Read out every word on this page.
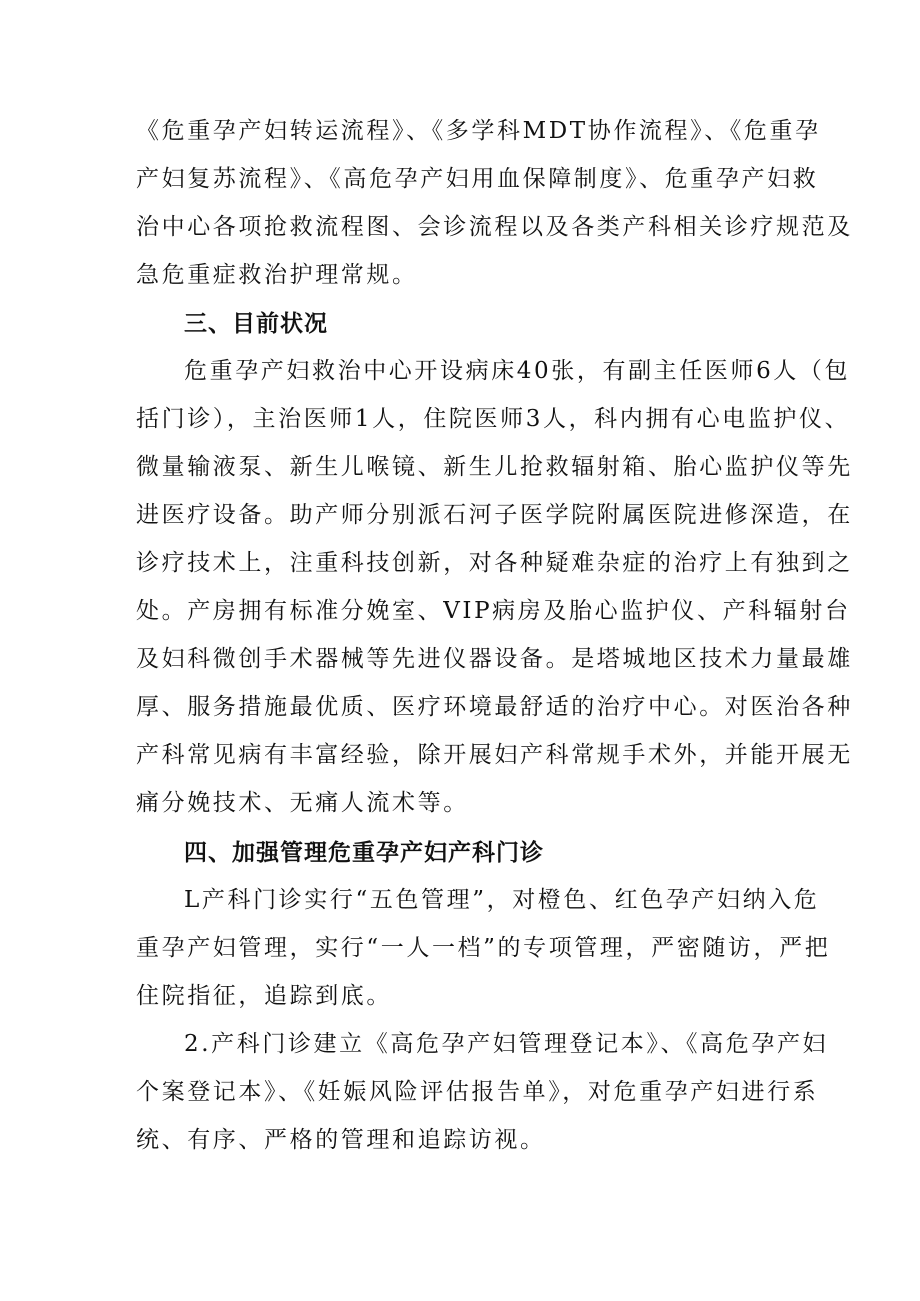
《危重孕产妇转运流程》、《多学科MDT协作流程》、《危重孕
产妇复苏流程》、《高危孕产妇用血保障制度》、危重孕产妇救
治中心各项抢救流程图、会诊流程以及各类产科相关诊疗规范及
急危重症救治护理常规。
三、目前状况
危重孕产妇救治中心开设病床40张，有副主任医师6人（包
括门诊），主治医师1人，住院医师3人，科内拥有心电监护仪、
微量输液泵、新生儿喉镜、新生儿抢救辐射箱、胎心监护仪等先
进医疗设备。助产师分别派石河子医学院附属医院进修深造，在
诊疗技术上，注重科技创新，对各种疑难杂症的治疗上有独到之
处。产房拥有标准分娩室、VIP病房及胎心监护仪、产科辐射台
及妇科微创手术器械等先进仪器设备。是塔城地区技术力量最雄
厚、服务措施最优质、医疗环境最舒适的治疗中心。对医治各种
产科常见病有丰富经验，除开展妇产科常规手术外，并能开展无
痛分娩技术、无痛人流术等。
四、加强管理危重孕产妇产科门诊
L产科门诊实行“五色管理”，对橙色、红色孕产妇纳入危
重孕产妇管理，实行“一人一档”的专项管理，严密随访，严把
住院指征，追踪到底。
2.产科门诊建立《高危孕产妇管理登记本》、《高危孕产妇
个案登记本》、《妊娠风险评估报告单》，对危重孕产妇进行系
统、有序、严格的管理和追踪访视。
